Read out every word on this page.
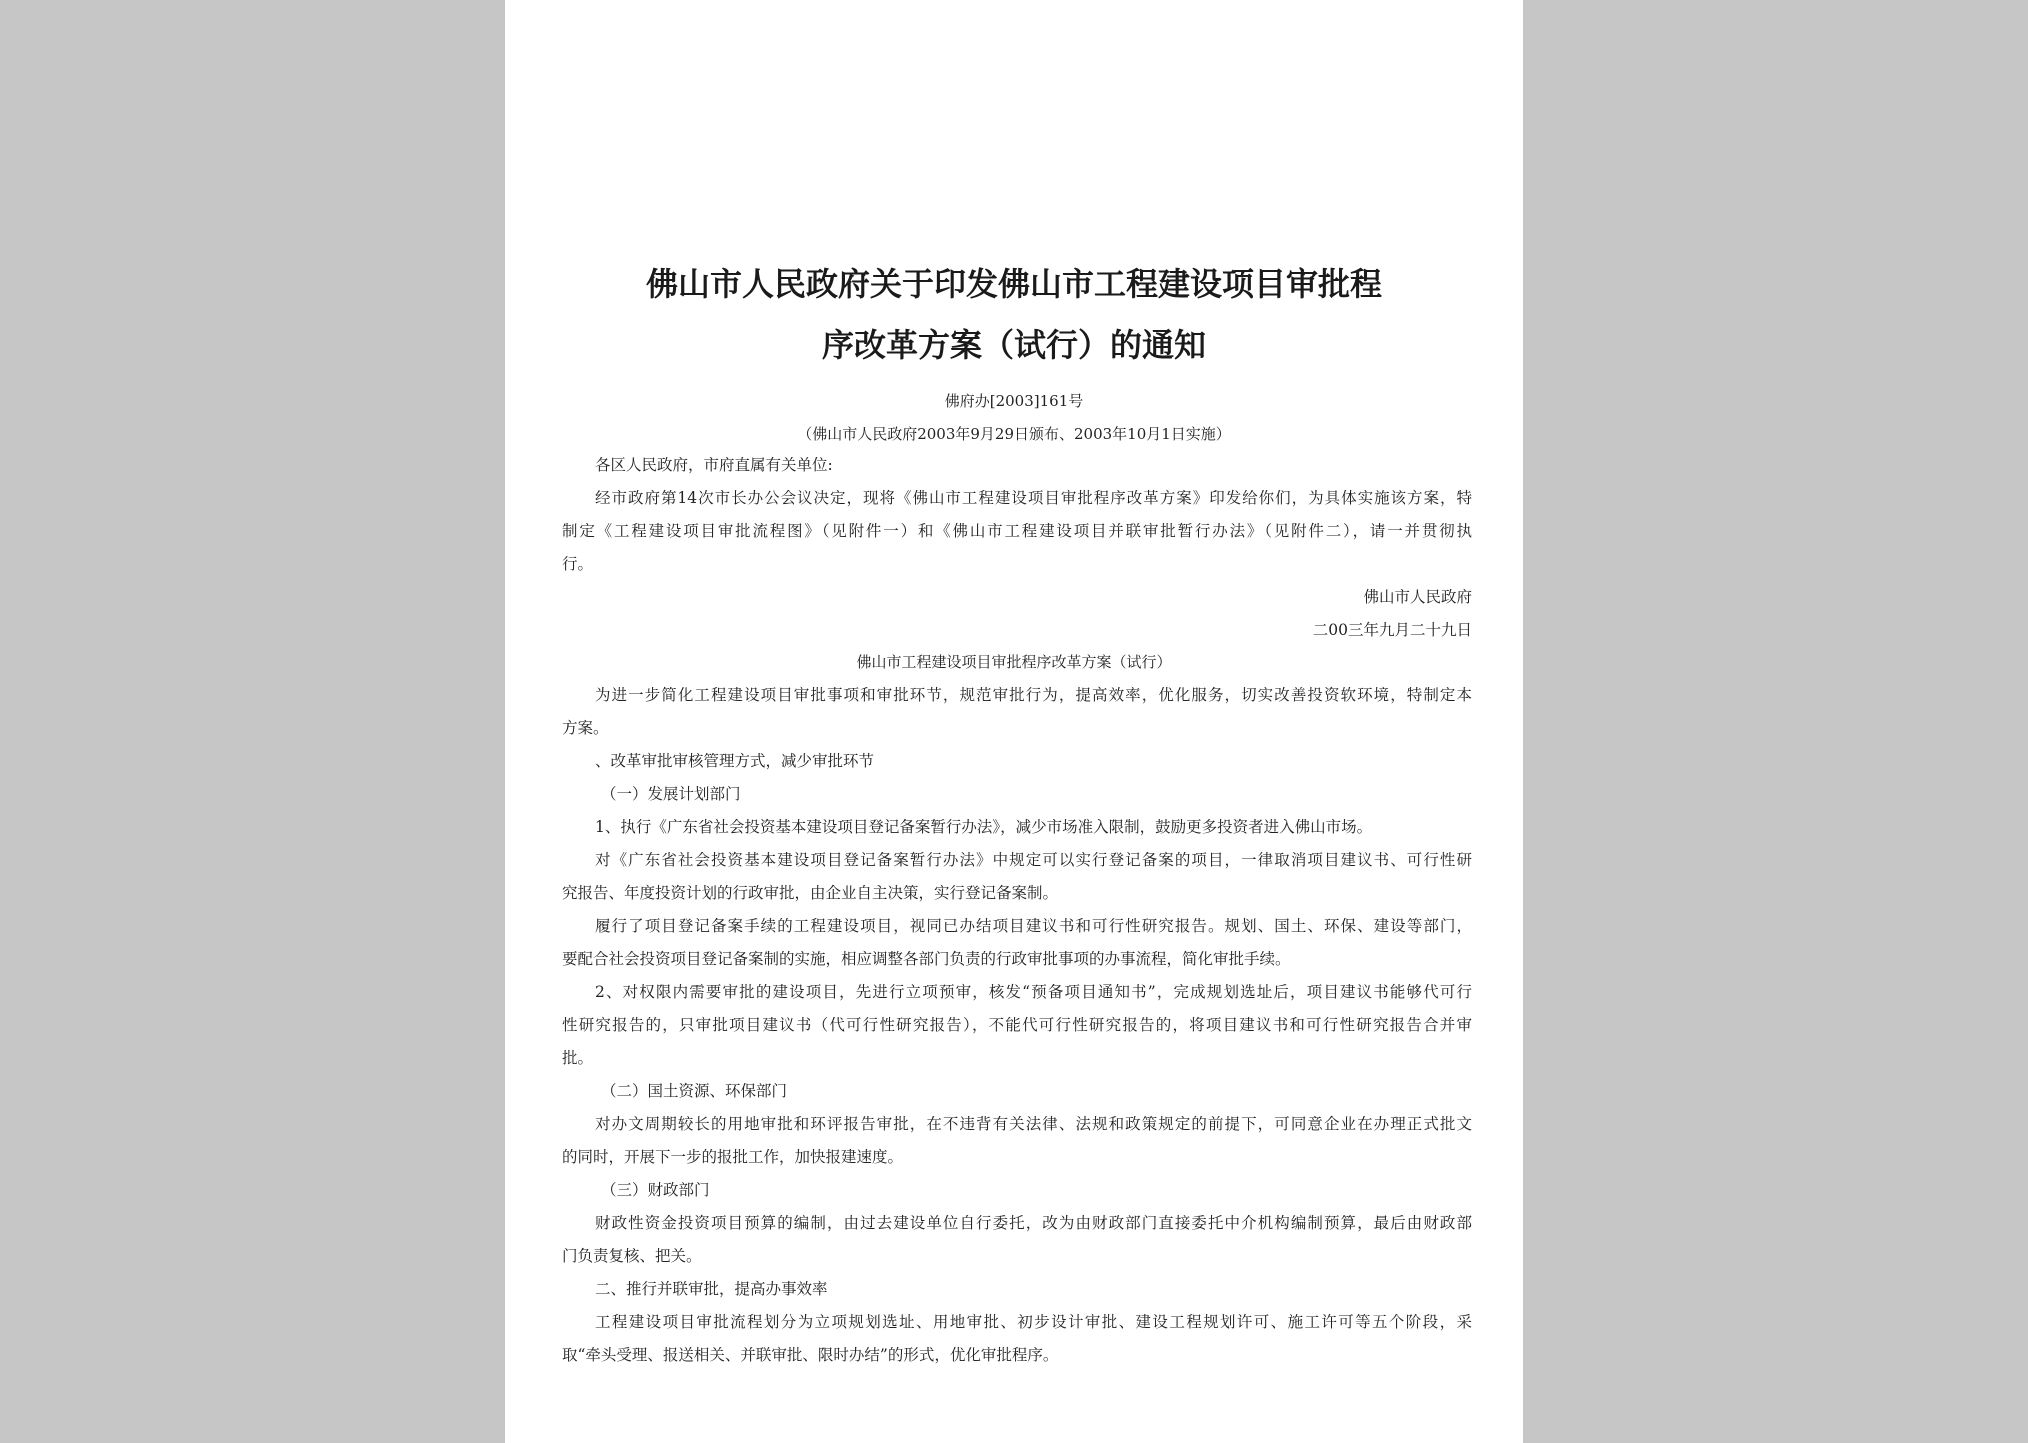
佛山市人民政府关于印发佛山市工程建设项目审批程
序改革方案（试行）的通知
佛府办[2003]161号
（佛山市人民政府2003年9月29日颁布、2003年10月1日实施）
各区人民政府，市府直属有关单位:
经市政府第14次市长办公会议决定，现将《佛山市工程建设项目审批程序改革方案》印发给你们，为具体实施该方案，特
制定《工程建设项目审批流程图》（见附件一）和《佛山市工程建设项目并联审批暂行办法》（见附件二），请一并贯彻执
行。
佛山市人民政府
二00三年九月二十九日
佛山市工程建设项目审批程序改革方案（试行）
为进一步简化工程建设项目审批事项和审批环节，规范审批行为，提高效率，优化服务，切实改善投资软环境，特制定本
方案。
、改革审批审核管理方式，减少审批环节
（一）发展计划部门
1、执行《广东省社会投资基本建设项目登记备案暂行办法》，减少市场准入限制，鼓励更多投资者进入佛山市场。
对《广东省社会投资基本建设项目登记备案暂行办法》中规定可以实行登记备案的项目，一律取消项目建议书、可行性研
究报告、年度投资计划的行政审批，由企业自主决策，实行登记备案制。
履行了项目登记备案手续的工程建设项目，视同已办结项目建议书和可行性研究报告。规划、国土、环保、建设等部门，
要配合社会投资项目登记备案制的实施，相应调整各部门负责的行政审批事项的办事流程，简化审批手续。
2、对权限内需要审批的建设项目，先进行立项预审，核发“预备项目通知书”，完成规划选址后，项目建议书能够代可行
性研究报告的，只审批项目建议书（代可行性研究报告），不能代可行性研究报告的，将项目建议书和可行性研究报告合并审
批。
（二）国土资源、环保部门
对办文周期较长的用地审批和环评报告审批，在不违背有关法律、法规和政策规定的前提下，可同意企业在办理正式批文
的同时，开展下一步的报批工作，加快报建速度。
（三）财政部门
财政性资金投资项目预算的编制，由过去建设单位自行委托，改为由财政部门直接委托中介机构编制预算，最后由财政部
门负责复核、把关。
二、推行并联审批，提高办事效率
工程建设项目审批流程划分为立项规划选址、用地审批、初步设计审批、建设工程规划许可、施工许可等五个阶段，采
取“牵头受理、报送相关、并联审批、限时办结”的形式，优化审批程序。
